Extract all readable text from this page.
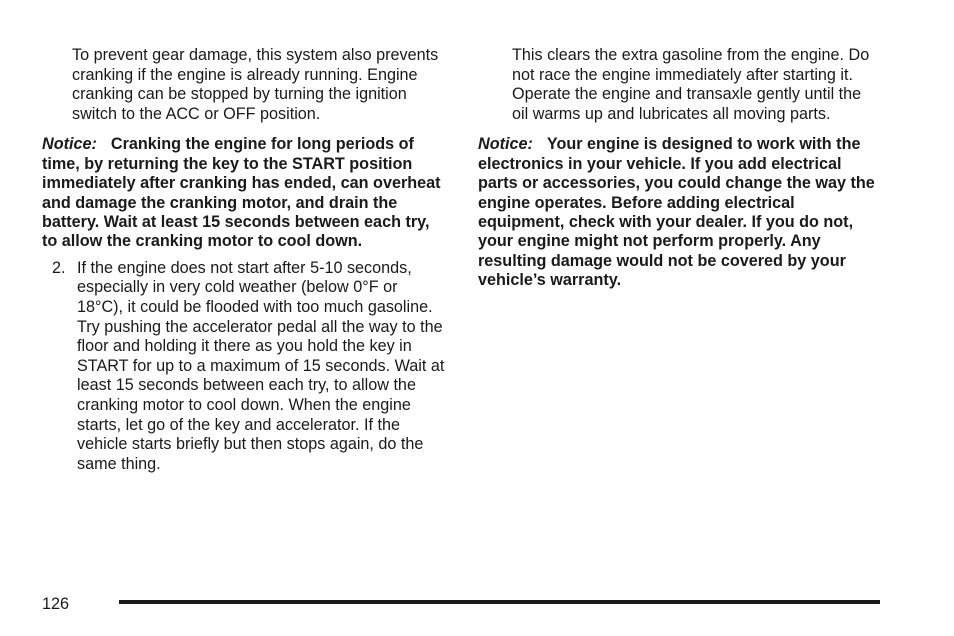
To prevent gear damage, this system also prevents cranking if the engine is already running. Engine cranking can be stopped by turning the ignition switch to the ACC or OFF position.

Notice: Cranking the engine for long periods of time, by returning the key to the START position immediately after cranking has ended, can overheat and damage the cranking motor, and drain the battery. Wait at least 15 seconds between each try, to allow the cranking motor to cool down.

2. If the engine does not start after 5-10 seconds, especially in very cold weather (below 0°F or 18°C), it could be flooded with too much gasoline. Try pushing the accelerator pedal all the way to the floor and holding it there as you hold the key in START for up to a maximum of 15 seconds. Wait at least 15 seconds between each try, to allow the cranking motor to cool down. When the engine starts, let go of the key and accelerator. If the vehicle starts briefly but then stops again, do the same thing.

This clears the extra gasoline from the engine. Do not race the engine immediately after starting it. Operate the engine and transaxle gently until the oil warms up and lubricates all moving parts.

Notice: Your engine is designed to work with the electronics in your vehicle. If you add electrical parts or accessories, you could change the way the engine operates. Before adding electrical equipment, check with your dealer. If you do not, your engine might not perform properly. Any resulting damage would not be covered by your vehicle’s warranty.

126
